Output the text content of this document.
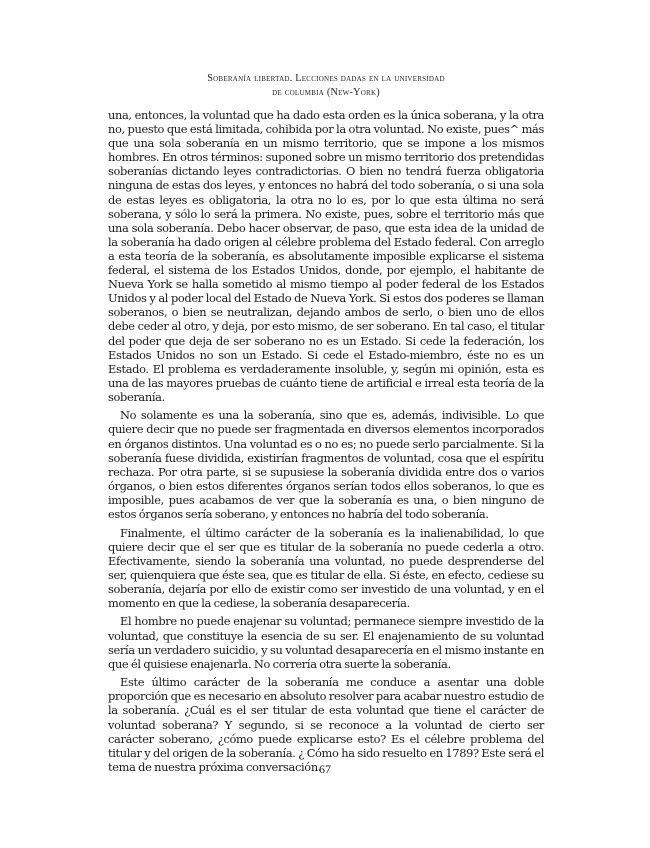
Soberanía libertad. Lecciones dadas en la universidad
de columbia (New-York)

una, entonces, la voluntad que ha dado esta orden es la única soberana, y la otra no, puesto que está limitada, cohibida por la otra voluntad. No existe, pues^ más que una sola soberanía en un mismo territorio, que se impone a los mismos hombres. En otros términos: suponed sobre un mismo territorio dos pretendidas soberanías dictando leyes contradictorias. O bien no tendrá fuerza obligatoria ninguna de estas dos leyes, y entonces no habrá del todo soberanía, o si una sola de estas leyes es obligatoria, la otra no lo es, por lo que esta última no será soberana, y sólo lo será la primera. No existe, pues, sobre el territorio más que una sola soberanía. Debo hacer observar, de paso, que esta idea de la unidad de la soberanía ha dado origen al célebre problema del Estado federal. Con arreglo a esta teoría de la soberanía, es absolutamente imposible explicarse el sistema federal, el sistema de los Estados Unidos, donde, por ejemplo, el habitante de Nueva York se halla sometido al mismo tiempo al poder federal de los Estados Unidos y al poder local del Estado de Nueva York. Si estos dos poderes se llaman soberanos, o bien se neutralizan, dejando ambos de serlo, o bien uno de ellos debe ceder al otro, y deja, por esto mismo, de ser soberano. En tal caso, el titular del poder que deja de ser soberano no es un Estado. Si cede la federación, los Estados Unidos no son un Estado. Si cede el Estado-miembro, éste no es un Estado. El problema es verdaderamente insoluble, y, según mi opinión, esta es una de las mayores pruebas de cuánto tiene de artificial e irreal esta teoría de la soberanía.

No solamente es una la soberanía, sino que es, además, indivisible. Lo que quiere decir que no puede ser fragmentada en diversos elementos incorporados en órganos distintos. Una voluntad es o no es; no puede serlo parcialmente. Si la soberanía fuese dividida, existirían fragmentos de voluntad, cosa que el espíritu rechaza. Por otra parte, si se supusiese la soberanía dividida entre dos o varios órganos, o bien estos diferentes órganos serían todos ellos soberanos, lo que es imposible, pues acabamos de ver que la soberanía es una, o bien ninguno de estos órganos sería soberano, y entonces no habría del todo soberanía.

Finalmente, el último carácter de la soberanía es la inalienabilidad, lo que quiere decir que el ser que es titular de la soberanía no puede cederla a otro. Efectivamente, siendo la soberanía una voluntad, no puede desprenderse del ser, quienquiera que éste sea, que es titular de ella. Si éste, en efecto, cediese su soberanía, dejaría por ello de existir como ser investido de una voluntad, y en el momento en que la cediese, la soberanía desaparecería.

El hombre no puede enajenar su voluntad; permanece siempre investido de la voluntad, que constituye la esencia de su ser. El enajenamiento de su voluntad sería un verdadero suicidio, y su voluntad desaparecería en el mismo instante en que él quisiese enajenarla. No correría otra suerte la soberanía.

Este último carácter de la soberanía me conduce a asentar una doble proporción que es necesario en absoluto resolver para acabar nuestro estudio de la soberanía. ¿Cuál es el ser titular de esta voluntad que tiene el carácter de voluntad soberana? Y segundo, si se reconoce a la voluntad de cierto ser carácter soberano, ¿cómo puede explicarse esto? Es el célebre problema del titular y del origen de la soberanía. ¿ Cómo ha sido resuelto en 1789? Este será el tema de nuestra próxima conversación.

67
